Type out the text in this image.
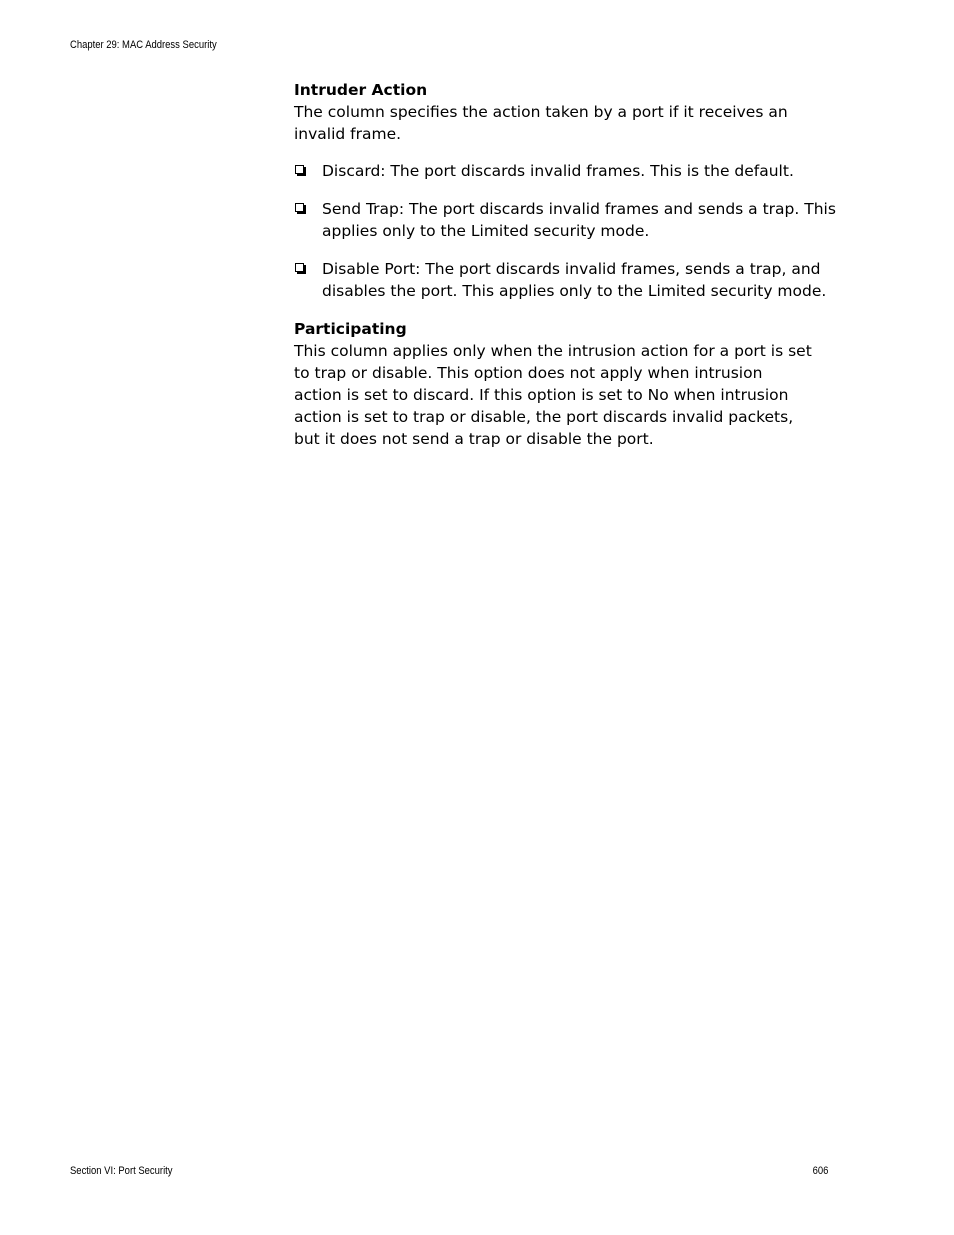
Chapter 29: MAC Address Security

Intruder Action

The column specifies the action taken by a port if it receives an
invalid frame.

Discard: The port discards invalid frames. This is the default.
Send Trap: The port discards invalid frames and sends a trap. This
applies only to the Limited security mode.
Disable Port: The port discards invalid frames, sends a trap, and
disables the port. This applies only to the Limited security mode.

Participating

This column applies only when the intrusion action for a port is set
to trap or disable. This option does not apply when intrusion
action is set to discard. If this option is set to No when intrusion
action is set to trap or disable, the port discards invalid packets,
but it does not send a trap or disable the port.

Section VI: Port Security	606
